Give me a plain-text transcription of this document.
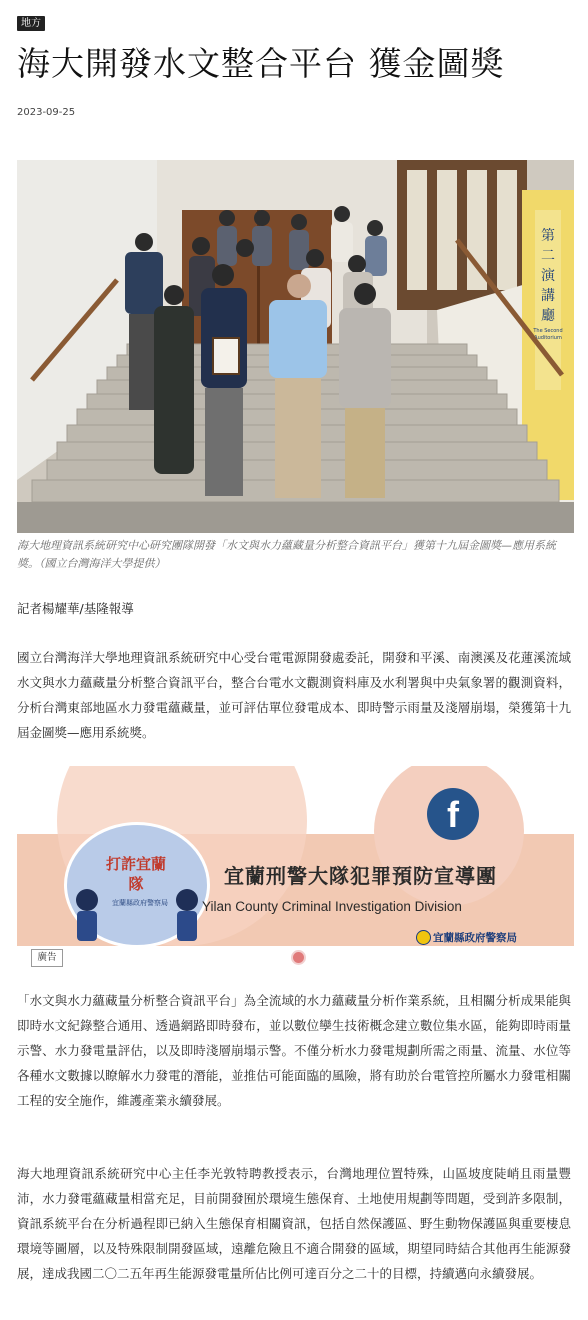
地方
海大開發水文整合平台 獲金圖獎
2023-09-25
第
二
演
講
廳
The Second
Auditorium

海大地理資訊系統研究中心研究團隊開發「水文與水力蘊藏量分析整合資訊平台」獲第十九屆金圖獎—應用系統獎。（國立台灣海洋大學提供）

記者楊耀華/基隆報導

國立台灣海洋大學地理資訊系統研究中心受台電電源開發處委託，開發和平溪、南澳溪及花蓮溪流域水文與水力蘊藏量分析整合資訊平台，整合台電水文觀測資料庫及水利署與中央氣象署的觀測資料，分析台灣東部地區水力發電蘊藏量，並可評估單位發電成本、即時警示雨量及淺層崩塌，榮獲第十九屆金圖獎—應用系統獎。

f
打詐宜蘭隊
宜蘭縣政府警察局
宜蘭刑警大隊犯罪預防宣導團
Yilan County Criminal Investigation Division
宜蘭縣政府警察局
廣告

「水文與水力蘊藏量分析整合資訊平台」為全流域的水力蘊藏量分析作業系統，且相關分析成果能與即時水文紀錄整合通用、透過網路即時發布，並以數位孿生技術概念建立數位集水區，能夠即時雨量示警、水力發電量評估，以及即時淺層崩塌示警。不僅分析水力發電規劃所需之雨量、流量、水位等各種水文數據以瞭解水力發電的潛能，並推估可能面臨的風險，將有助於台電管控所屬水力發電相關工程的安全施作，維護產業永續發展。

海大地理資訊系統研究中心主任李光敦特聘教授表示，台灣地理位置特殊，山區坡度陡峭且雨量豐沛，水力發電蘊藏量相當充足，目前開發囿於環境生態保育、土地使用規劃等問題，受到許多限制，資訊系統平台在分析過程即已納入生態保育相關資訊，包括自然保護區、野生動物保護區與重要棲息環境等圖層，以及特殊限制開發區域，遠離危險且不適合開發的區域，期望同時結合其他再生能源發展，達成我國二〇二五年再生能源發電量所佔比例可達百分之二十的目標，持續邁向永續發展。
